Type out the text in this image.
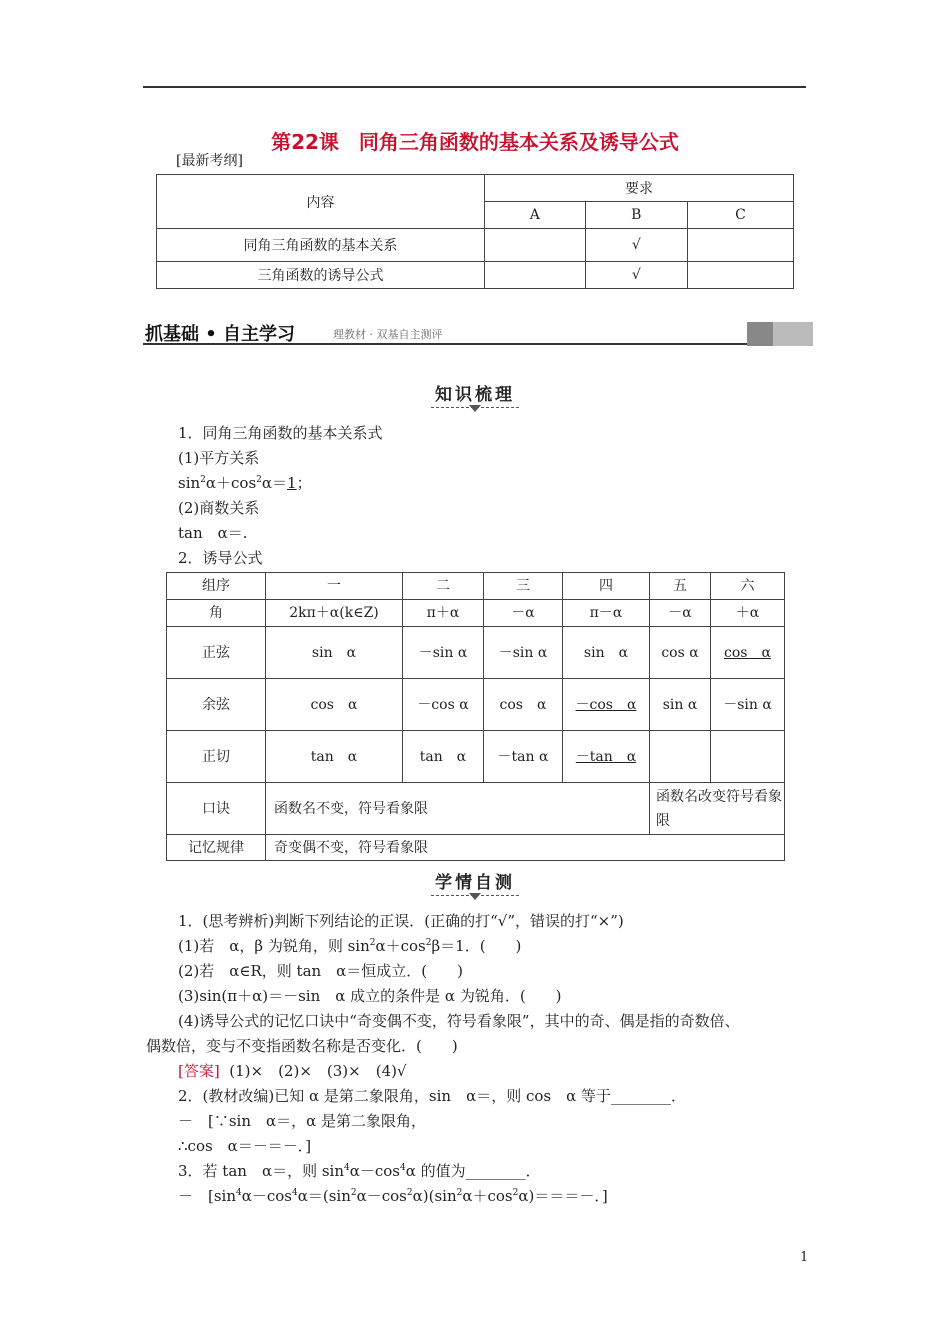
第22课　同角三角函数的基本关系及诱导公式
[最新考纲]
内容	要求		
	A	B	C
同角三角函数的基本关系		√	
三角函数的诱导公式		√	
抓基础 • 自主学习	理教材 · 双基自主测评
知识梳理
1．同角三角函数的基本关系式
(1)平方关系
$\sin^2\alpha+\cos^2\alpha=1$；
(2)商数关系
tan　α＝.
2．诱导公式
组序	一	二	三	四	五	六
角	2kπ＋α(k∈Z)	π＋α	－α	π－α	－α	＋α
正弦	sin　α	－sin α	－sin α	sin　α	cos α	cos　α
余弦	cos　α	－cos α	cos　α	－cos　α	sin α	－sin α
正切	tan　α	tan　α	－tan α	－tan　α		
口诀	函数名不变，符号看象限				函数名改变符号看象限	
记忆规律	奇变偶不变，符号看象限					
学情自测
1．(思考辨析)判断下列结论的正误．(正确的打“√”，错误的打“×”)
(1)若　α，β 为锐角，则 $\sin^2\alpha+\cos^2\beta=1$．(　　)
(2)若　α∈R，则 tan　α＝恒成立．(　　)
(3)sin(π＋α)＝－sin　α 成立的条件是 α 为锐角．(　　)
(4)诱导公式的记忆口诀中“奇变偶不变，符号看象限”，其中的奇、偶是指的奇数倍、
偶数倍，变与不变指函数名称是否变化．(　　)
[答案] (1)×　(2)×　(3)×　(4)√
2．(教材改编)已知 α 是第二象限角，sin　α＝，则 cos　α 等于________．
－　[∵sin　α＝，α 是第二象限角，
∴cos　α＝－＝－．]
3．若 tan　α＝，则 $\sin^4\alpha-\cos^4\alpha$ 的值为________．
－　[$\sin^4\alpha-\cos^4\alpha=(\sin^2\alpha-\cos^2\alpha)(\sin^2\alpha+\cos^2\alpha)===-$．]
1
